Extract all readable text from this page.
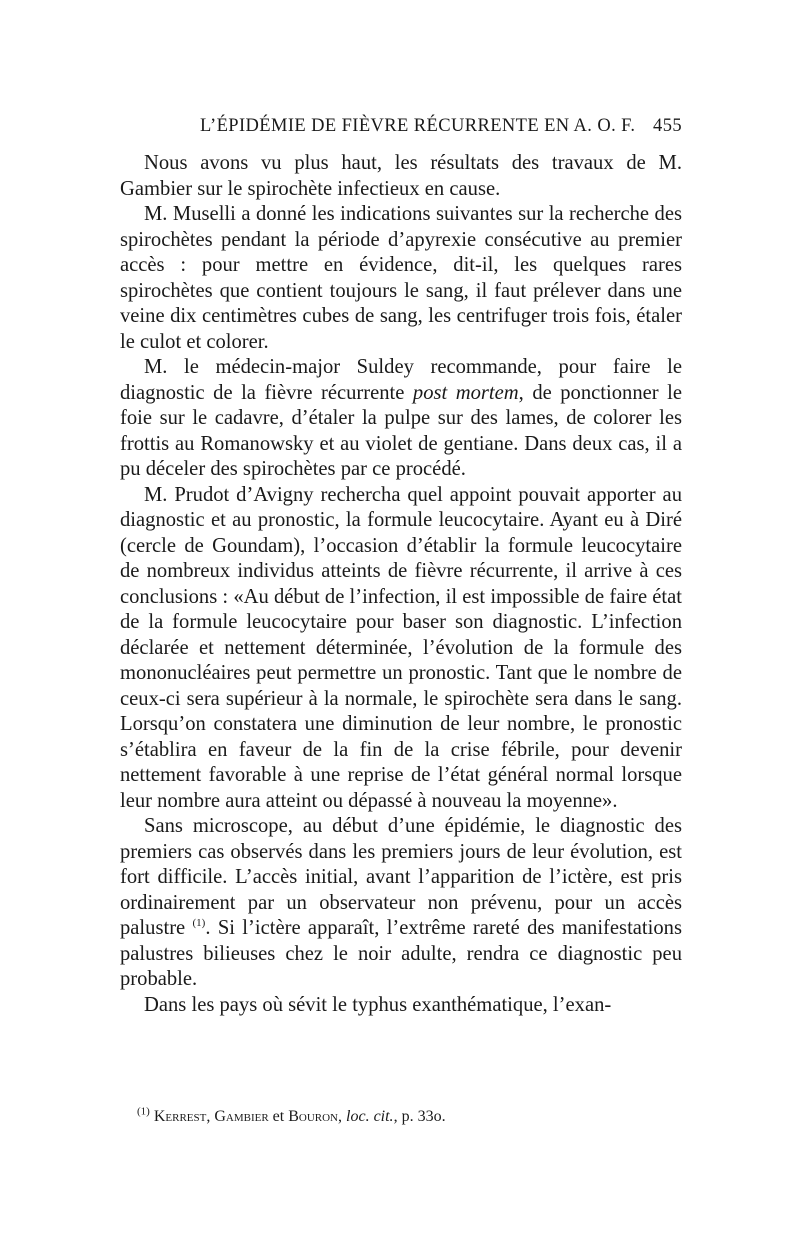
L’ÉPIDÉMIE DE FIÈVRE RÉCURRENTE EN A. O. F. 455

Nous avons vu plus haut, les résultats des travaux de M. Gambier sur le spirochète infectieux en cause.

M. Muselli a donné les indications suivantes sur la recherche des spirochètes pendant la période d’apyrexie consécutive au premier accès : pour mettre en évidence, dit-il, les quelques rares spirochètes que contient toujours le sang, il faut prélever dans une veine dix centimètres cubes de sang, les centrifuger trois fois, étaler le culot et colorer.

M. le médecin-major Suldey recommande, pour faire le diagnostic de la fièvre récurrente post mortem, de ponctionner le foie sur le cadavre, d’étaler la pulpe sur des lames, de colorer les frottis au Romanowsky et au violet de gentiane. Dans deux cas, il a pu déceler des spirochètes par ce procédé.

M. Prudot d’Avigny rechercha quel appoint pouvait apporter au diagnostic et au pronostic, la formule leucocytaire. Ayant eu à Diré (cercle de Goundam), l’occasion d’établir la formule leucocytaire de nombreux individus atteints de fièvre récurrente, il arrive à ces conclusions : «Au début de l’infection, il est impossible de faire état de la formule leucocytaire pour baser son diagnostic. L’infection déclarée et nettement déterminée, l’évolution de la formule des mononucléaires peut permettre un pronostic. Tant que le nombre de ceux-ci sera supérieur à la normale, le spirochète sera dans le sang. Lorsqu’on constatera une diminution de leur nombre, le pronostic s’établira en faveur de la fin de la crise fébrile, pour devenir nettement favorable à une reprise de l’état général normal lorsque leur nombre aura atteint ou dépassé à nouveau la moyenne».

Sans microscope, au début d’une épidémie, le diagnostic des premiers cas observés dans les premiers jours de leur évolution, est fort difficile. L’accès initial, avant l’apparition de l’ictère, est pris ordinairement par un observateur non prévenu, pour un accès palustre $^{(1)}$. Si l’ictère apparaît, l’extrême rareté des manifestations palustres bilieuses chez le noir adulte, rendra ce diagnostic peu probable.

Dans les pays où sévit le typhus exanthématique, l’exan-

$^{(1)}$ Kerrest, Gambier et Bouron, loc. cit., p. 33o.
